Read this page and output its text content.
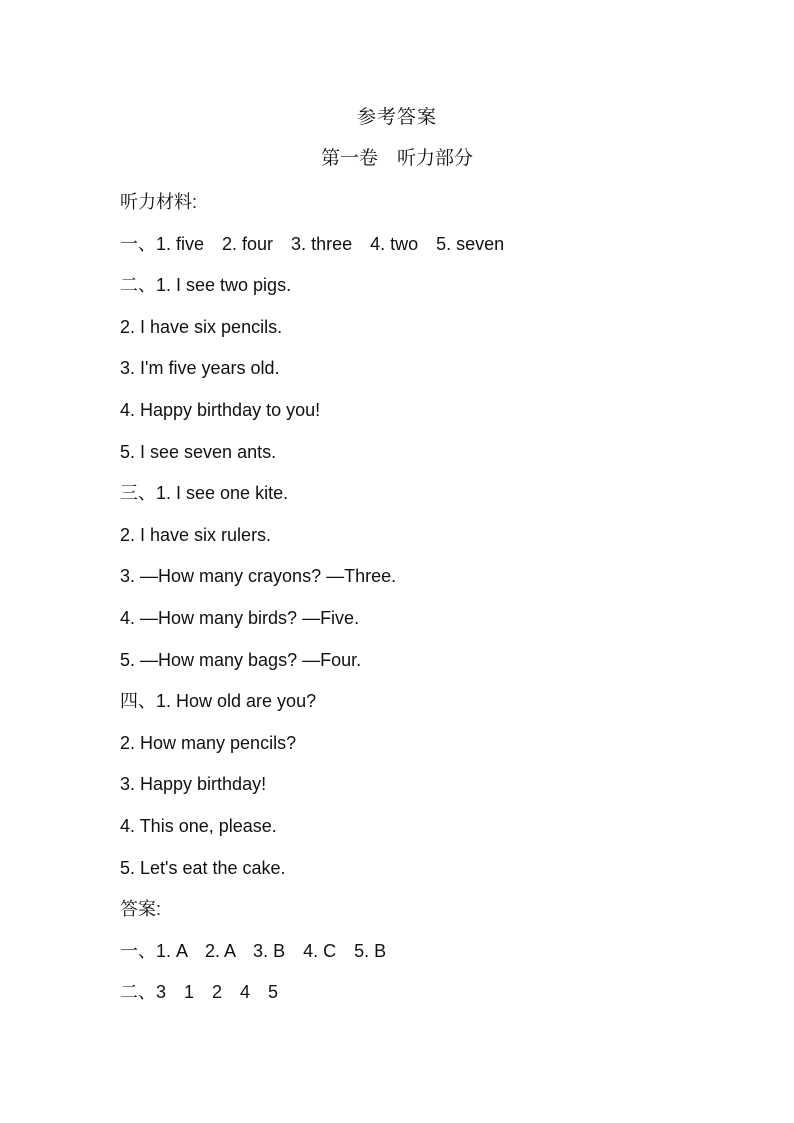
参考答案
第一卷　听力部分
听力材料:
一、1. five　2. four　3. three　4. two　5. seven
二、1. I see two pigs.
2. I have six pencils.
3. I'm five years old.
4. Happy birthday to you!
5. I see seven ants.
三、1. I see one kite.
2. I have six rulers.
3. —How many crayons? —Three.
4. —How many birds? —Five.
5. —How many bags? —Four.
四、1. How old are you?
2. How many pencils?
3. Happy birthday!
4. This one, please.
5. Let's eat the cake.
答案:
一、1. A　2. A　3. B　4. C　5. B
二、3　1　2　4　5
